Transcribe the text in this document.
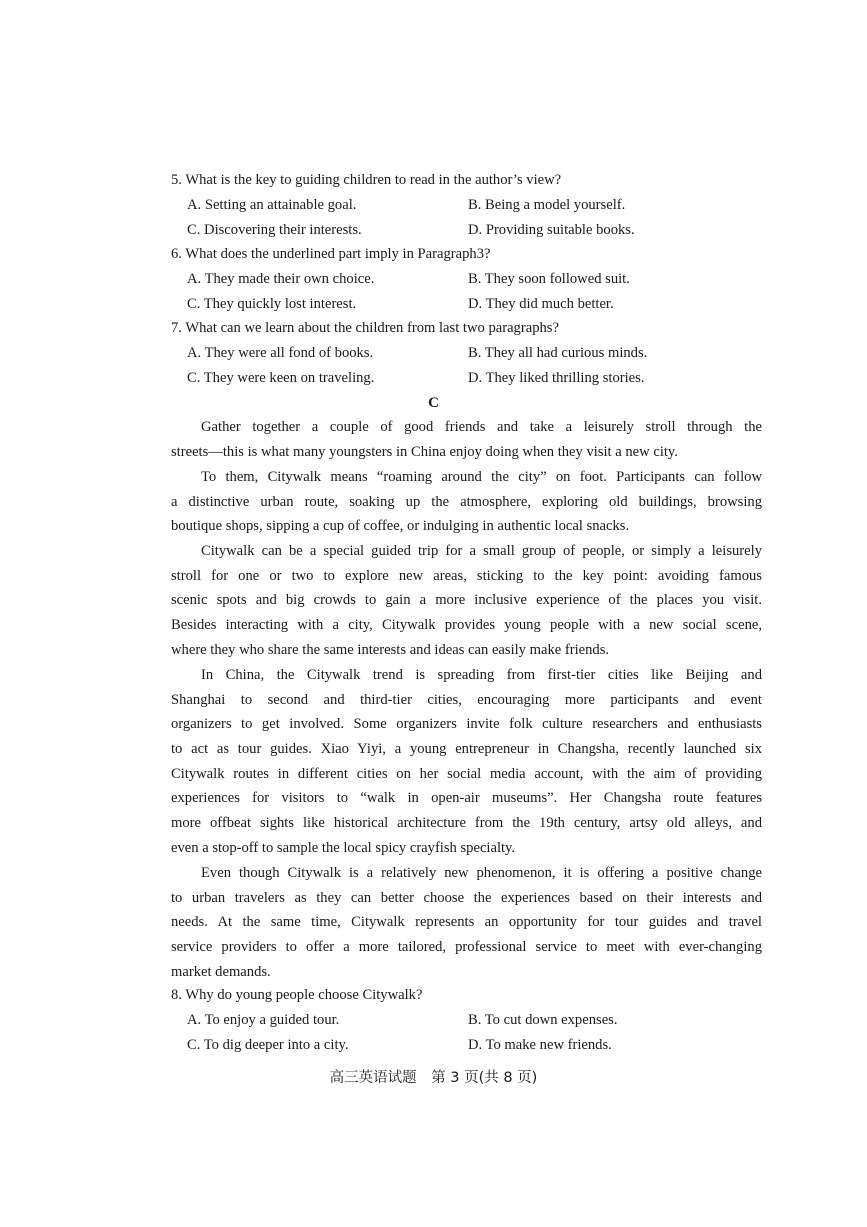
5. What is the key to guiding children to read in the author’s view?
A. Setting an attainable goal.	B. Being a model yourself.
C. Discovering their interests.	D. Providing suitable books.
6. What does the underlined part imply in Paragraph3?
A. They made their own choice.	B. They soon followed suit.
C. They quickly lost interest.	D. They did much better.
7. What can we learn about the children from last two paragraphs?
A. They were all fond of books.	B. They all had curious minds.
C. They were keen on traveling.	D. They liked thrilling stories.
C
Gather together a couple of good friends and take a leisurely stroll through the
streets—this is what many youngsters in China enjoy doing when they visit a new city.
To them, Citywalk means “roaming around the city” on foot. Participants can follow
a distinctive urban route, soaking up the atmosphere, exploring old buildings, browsing
boutique shops, sipping a cup of coffee, or indulging in authentic local snacks.
Citywalk can be a special guided trip for a small group of people, or simply a leisurely
stroll for one or two to explore new areas, sticking to the key point: avoiding famous
scenic spots and big crowds to gain a more inclusive experience of the places you visit.
Besides interacting with a city, Citywalk provides young people with a new social scene,
where they who share the same interests and ideas can easily make friends.
In China, the Citywalk trend is spreading from first-tier cities like Beijing and
Shanghai to second and third-tier cities, encouraging more participants and event
organizers to get involved. Some organizers invite folk culture researchers and enthusiasts
to act as tour guides. Xiao Yiyi, a young entrepreneur in Changsha, recently launched six
Citywalk routes in different cities on her social media account, with the aim of providing
experiences for visitors to “walk in open-air museums”. Her Changsha route features
more offbeat sights like historical architecture from the 19th century, artsy old alleys, and
even a stop-off to sample the local spicy crayfish specialty.
Even though Citywalk is a relatively new phenomenon, it is offering a positive change
to urban travelers as they can better choose the experiences based on their interests and
needs. At the same time, Citywalk represents an opportunity for tour guides and travel
service providers to offer a more tailored, professional service to meet with ever-changing
market demands.
8. Why do young people choose Citywalk?
A. To enjoy a guided tour.	B. To cut down expenses.
C. To dig deeper into a city.	D. To make new friends.
高三英语试题　第 3 页(共 8 页)
